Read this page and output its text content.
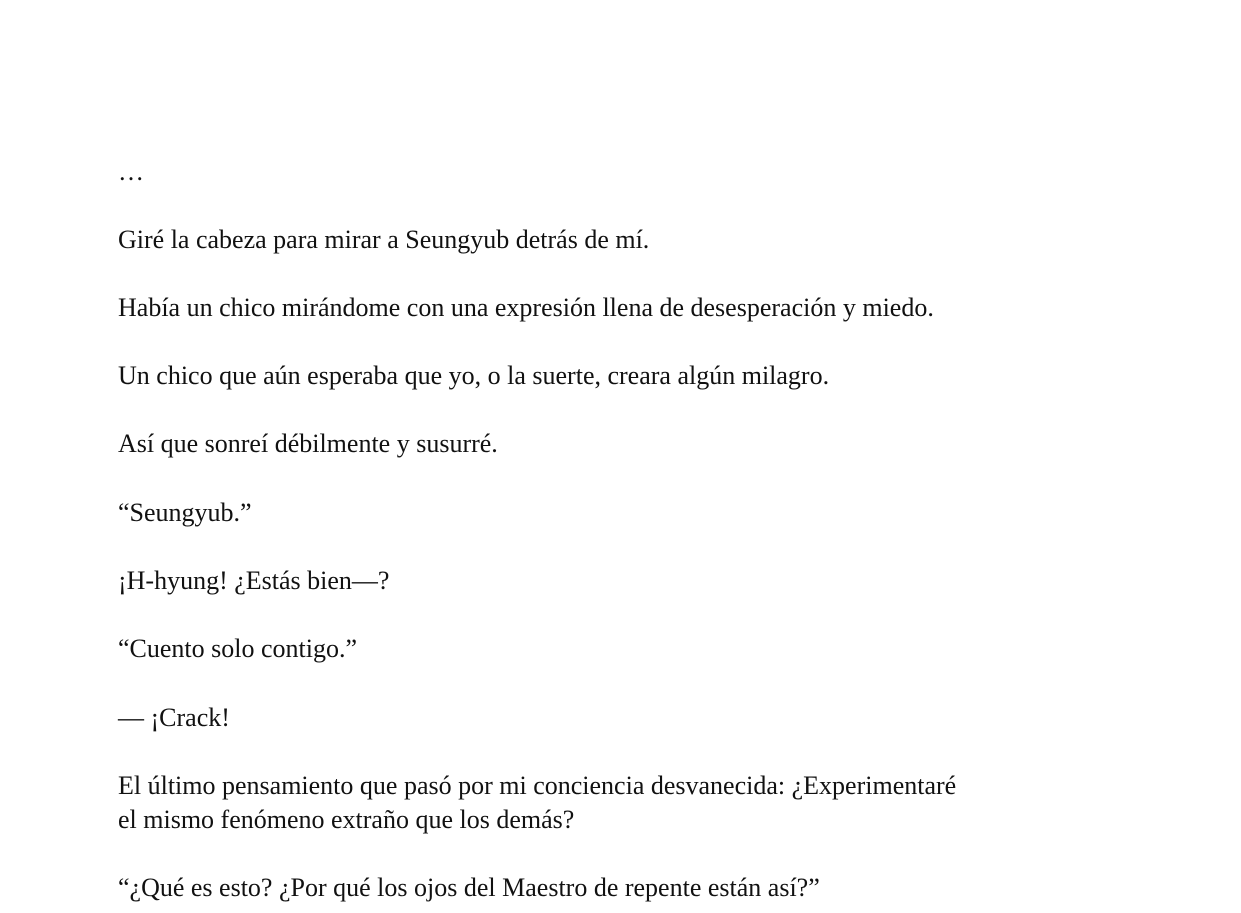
…

Giré la cabeza para mirar a Seungyub detrás de mí.

Había un chico mirándome con una expresión llena de desesperación y miedo.

Un chico que aún esperaba que yo, o la suerte, creara algún milagro.

Así que sonreí débilmente y susurré.

“Seungyub.”

¡H-hyung! ¿Estás bien—?

“Cuento solo contigo.”

— ¡Crack!

El último pensamiento que pasó por mi conciencia desvanecida: ¿Experimentaré
el mismo fenómeno extraño que los demás?

“¿Qué es esto? ¿Por qué los ojos del Maestro de repente están así?”
